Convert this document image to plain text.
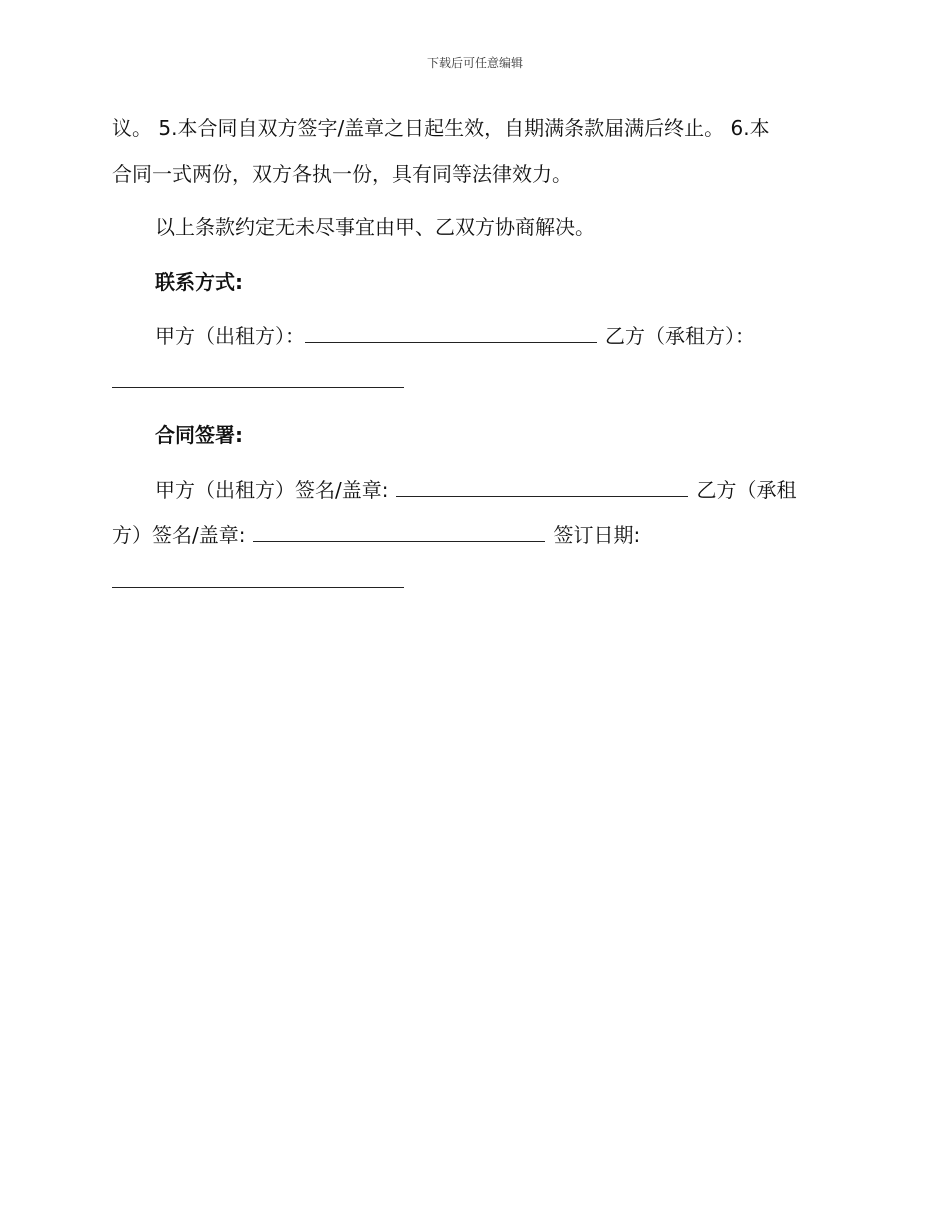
下载后可任意编辑
议。 5.本合同自双方签字/盖章之日起生效，自期满条款届满后终止。 6.本
合同一式两份，双方各执一份，具有同等法律效力。
以上条款约定无未尽事宜由甲、乙双方协商解决。
联系方式:
甲方（出租方）：	乙方（承租方）：
合同签署:
甲方（出租方）签名/盖章:	乙方（承租
方）签名/盖章:	签订日期:
